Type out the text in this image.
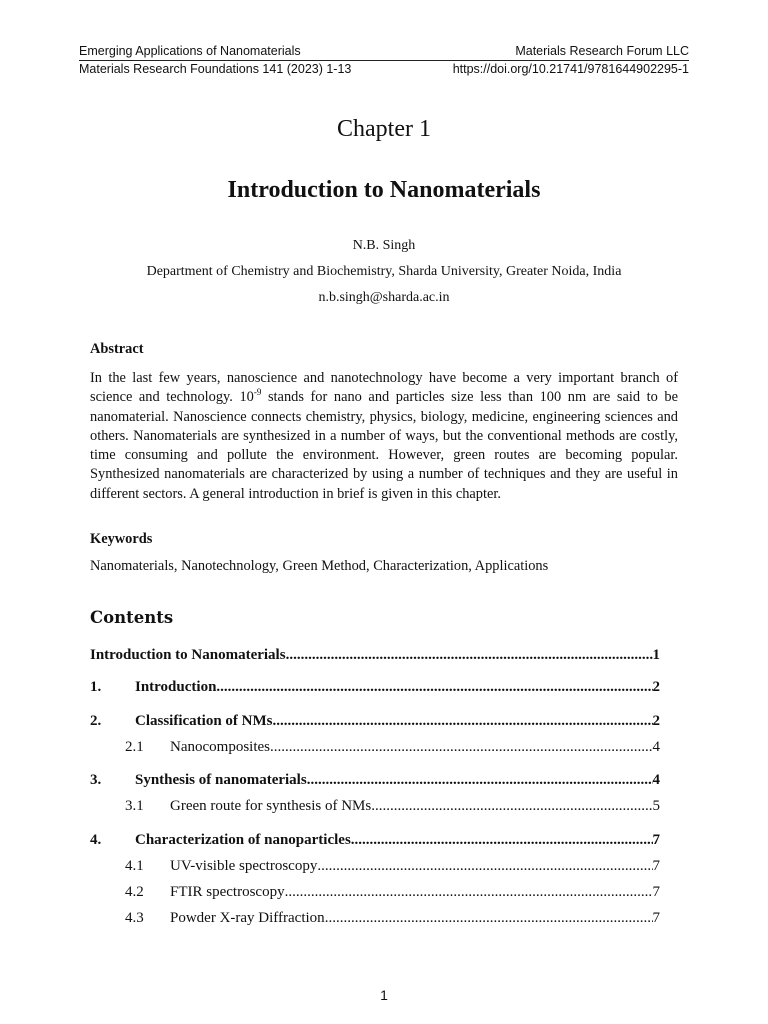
Emerging Applications of Nanomaterials	Materials Research Forum LLC
Materials Research Foundations 141 (2023) 1-13	https://doi.org/10.21741/9781644902295-1
Chapter 1
Introduction to Nanomaterials
N.B. Singh
Department of Chemistry and Biochemistry, Sharda University, Greater Noida, India
n.b.singh@sharda.ac.in
Abstract
In the last few years, nanoscience and nanotechnology have become a very important branch of science and technology. $10^{-9}$ stands for nano and particles size less than 100 nm are said to be nanomaterial. Nanoscience connects chemistry, physics, biology, medicine, engineering sciences and others. Nanomaterials are synthesized in a number of ways, but the conventional methods are costly, time consuming and pollute the environment. However, green routes are becoming popular. Synthesized nanomaterials are characterized by using a number of techniques and they are useful in different sectors. A general introduction in brief is given in this chapter.
Keywords
Nanomaterials, Nanotechnology, Green Method, Characterization, Applications
Contents
Introduction to Nanomaterials .....	1
1.	Introduction .....	2
2.	Classification of NMs .....	2
2.1	Nanocomposites .....	4
3.	Synthesis of nanomaterials .....	4
3.1	Green route for synthesis of NMs .....	5
4.	Characterization of nanoparticles .....	7
4.1	UV-visible spectroscopy .....	7
4.2	FTIR spectroscopy .....	7
4.3	Powder X-ray Diffraction .....	7
1
